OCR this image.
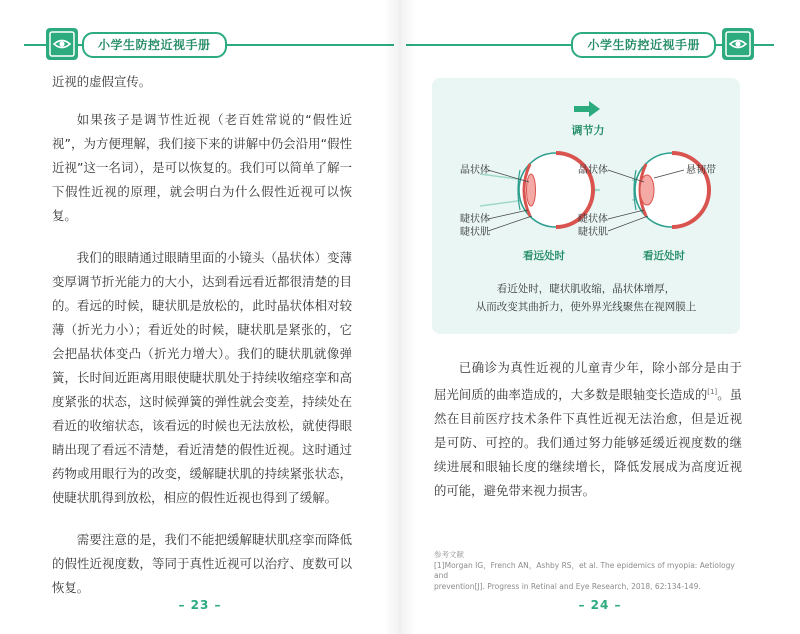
小学生防控近视手册

近视的虚假宣传。

如果孩子是调节性近视（老百姓常说的“假性近视”，为方便理解，我们接下来的讲解中仍会沿用“假性近视”这一名词），是可以恢复的。我们可以简单了解一下假性近视的原理，就会明白为什么假性近视可以恢复。

我们的眼睛通过眼睛里面的小镜头（晶状体）变薄变厚调节折光能力的大小，达到看远看近都很清楚的目的。看远的时候，睫状肌是放松的，此时晶状体相对较薄（折光力小）；看近处的时候，睫状肌是紧张的，它会把晶状体变凸（折光力增大）。我们的睫状肌就像弹簧，长时间近距离用眼使睫状肌处于持续收缩痉挛和高度紧张的状态，这时候弹簧的弹性就会变差，持续处在看近的收缩状态，该看远的时候也无法放松，就使得眼睛出现了看远不清楚，看近清楚的假性近视。这时通过药物或用眼行为的改变，缓解睫状肌的持续紧张状态，使睫状肌得到放松，相应的假性近视也得到了缓解。

需要注意的是，我们不能把缓解睫状肌痉挛而降低的假性近视度数，等同于真性近视可以治疗、度数可以恢复。

– 23 –
小学生防控近视手册
调节力
晶状体
睫状体
睫状肌
看远处时
晶状体	悬韧带
睫状体
睫状肌
看近处时
看近处时，睫状肌收缩，晶状体增厚，
从而改变其曲折力，使外界光线聚焦在视网膜上

已确诊为真性近视的儿童青少年，除小部分是由于屈光间质的曲率造成的，大多数是眼轴变长造成的[1]。虽然在目前医疗技术条件下真性近视无法治愈，但是近视是可防、可控的。我们通过努力能够延缓近视度数的继续进展和眼轴长度的继续增长，降低发展成为高度近视的可能，避免带来视力损害。

参考文献
[1]Morgan IG，French AN，Ashby RS，et al. The epidemics of myopia: Aetiology and
prevention[J]. Progress in Retinal and Eye Research, 2018, 62:134-149.
– 24 –
